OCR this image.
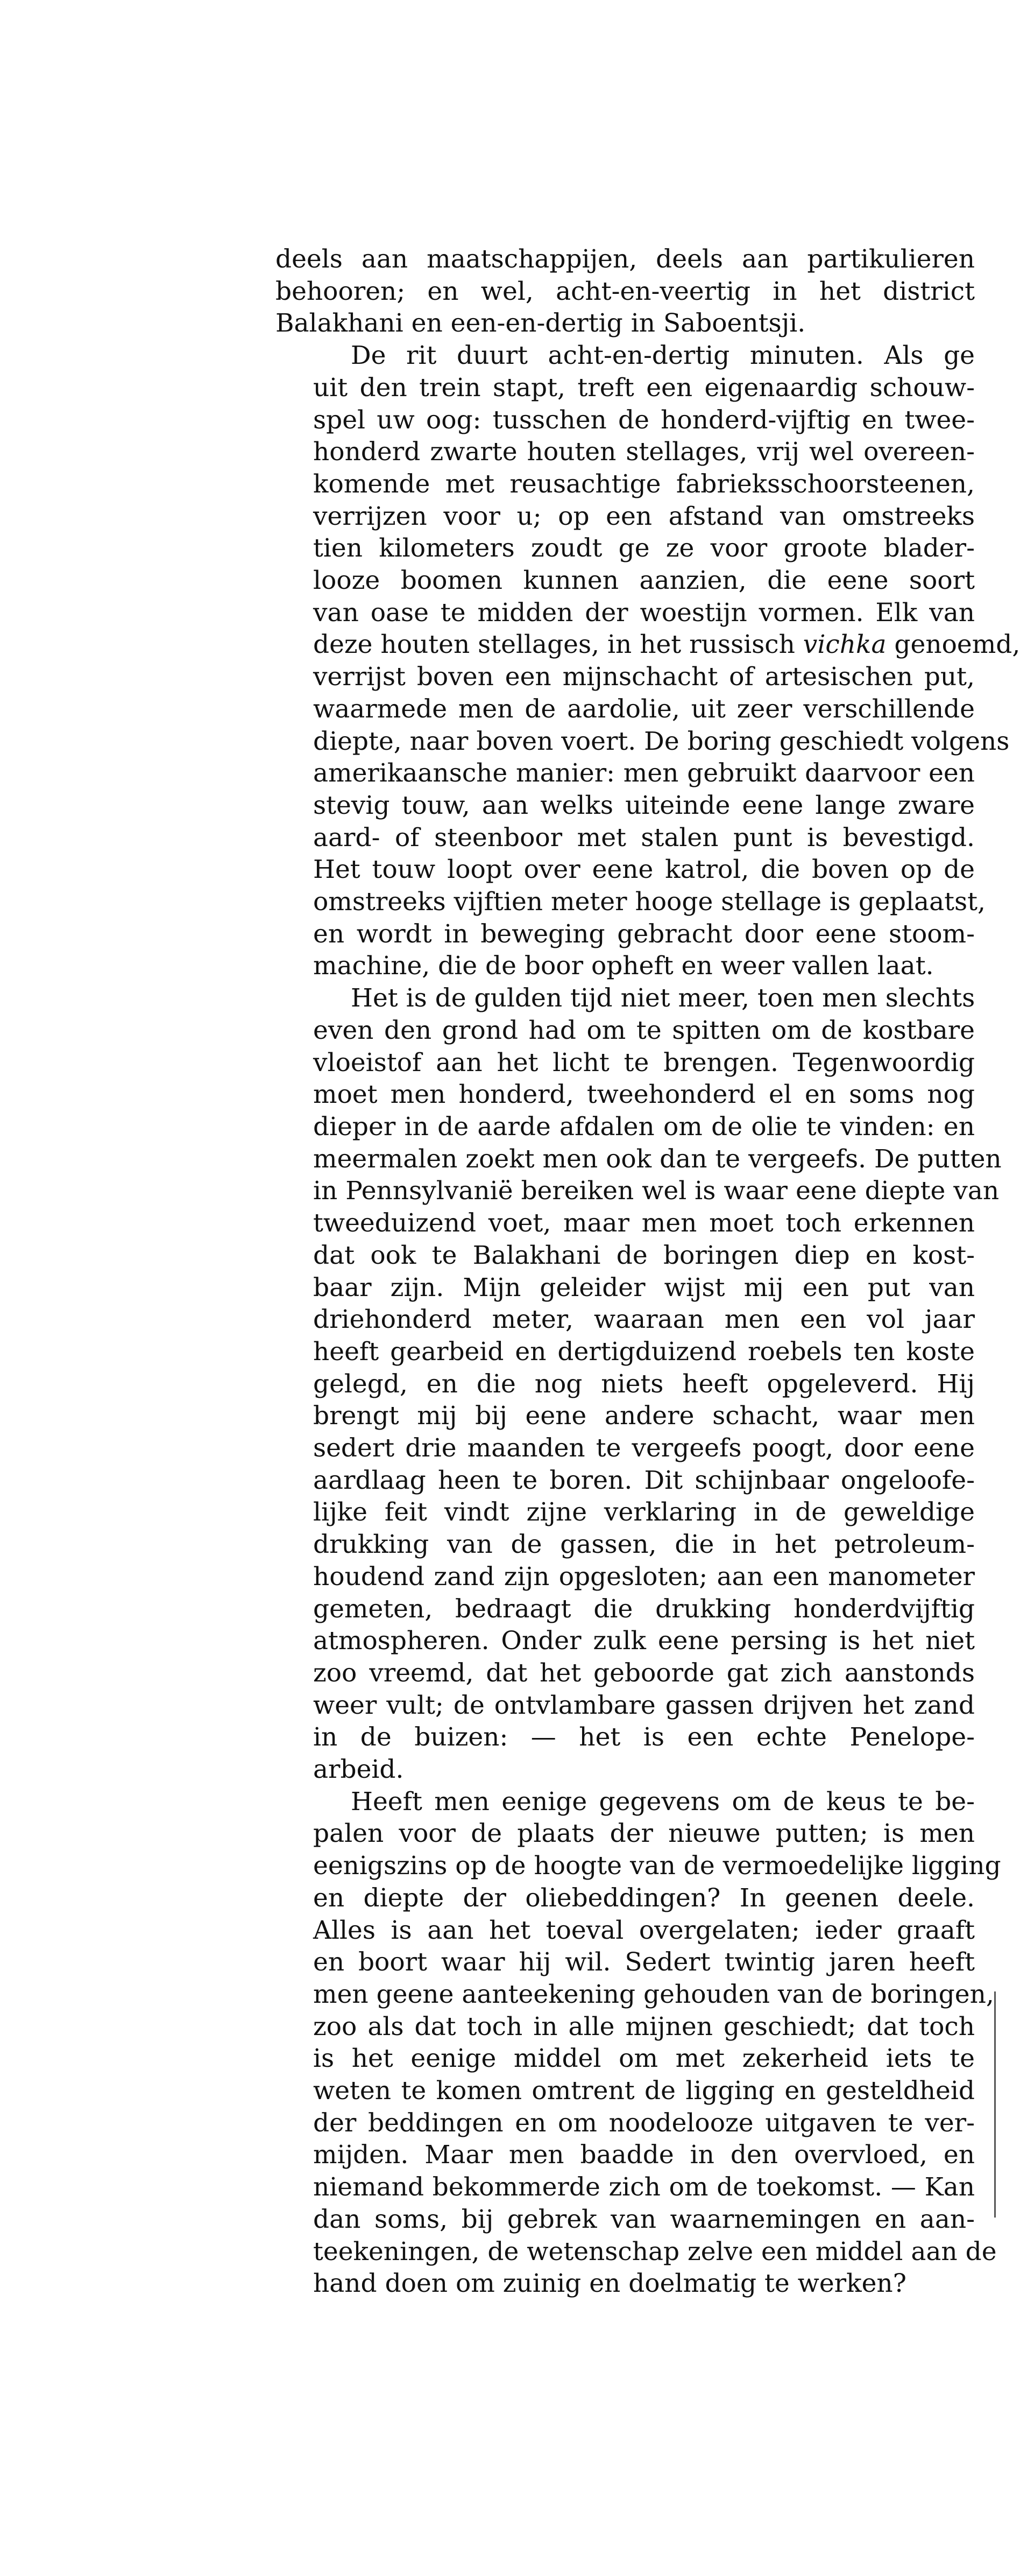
deels aan maatschappijen, deels aan partikulieren
behooren; en wel, acht-en-veertig in het district
Balakhani en een-en-dertig in Saboentsji.
De rit duurt acht-en-dertig minuten. Als ge
uit den trein stapt, treft een eigenaardig schouw-
spel uw oog: tusschen de honderd-vijftig en twee-
honderd zwarte houten stellages, vrij wel overeen-
komende met reusachtige fabrieksschoorsteenen,
verrijzen voor u; op een afstand van omstreeks
tien kilometers zoudt ge ze voor groote blader-
looze boomen kunnen aanzien, die eene soort
van oase te midden der woestijn vormen. Elk van
deze houten stellages, in het russisch vichka genoemd,
verrijst boven een mijnschacht of artesischen put,
waarmede men de aardolie, uit zeer verschillende
diepte, naar boven voert. De boring geschiedt volgens
amerikaansche manier: men gebruikt daarvoor een
stevig touw, aan welks uiteinde eene lange zware
aard- of steenboor met stalen punt is bevestigd.
Het touw loopt over eene katrol, die boven op de
omstreeks vijftien meter hooge stellage is geplaatst,
en wordt in beweging gebracht door eene stoom-
machine, die de boor opheft en weer vallen laat.
Het is de gulden tijd niet meer, toen men slechts
even den grond had om te spitten om de kostbare
vloeistof aan het licht te brengen. Tegenwoordig
moet men honderd, tweehonderd el en soms nog
dieper in de aarde afdalen om de olie te vinden: en
meermalen zoekt men ook dan te vergeefs. De putten
in Pennsylvanië bereiken wel is waar eene diepte van
tweeduizend voet, maar men moet toch erkennen
dat ook te Balakhani de boringen diep en kost-
baar zijn. Mijn geleider wijst mij een put van
driehonderd meter, waaraan men een vol jaar
heeft gearbeid en dertigduizend roebels ten koste
gelegd, en die nog niets heeft opgeleverd. Hij
brengt mij bij eene andere schacht, waar men
sedert drie maanden te vergeefs poogt, door eene
aardlaag heen te boren. Dit schijnbaar ongeloofe-
lijke feit vindt zijne verklaring in de geweldige
drukking van de gassen, die in het petroleum-
houdend zand zijn opgesloten; aan een manometer
gemeten, bedraagt die drukking honderdvijftig
atmospheren. Onder zulk eene persing is het niet
zoo vreemd, dat het geboorde gat zich aanstonds
weer vult; de ontvlambare gassen drijven het zand
in de buizen: — het is een echte Penelope-
arbeid.
Heeft men eenige gegevens om de keus te be-
palen voor de plaats der nieuwe putten; is men
eenigszins op de hoogte van de vermoedelijke ligging
en diepte der oliebeddingen? In geenen deele.
Alles is aan het toeval overgelaten; ieder graaft
en boort waar hij wil. Sedert twintig jaren heeft
men geene aanteekening gehouden van de boringen,
zoo als dat toch in alle mijnen geschiedt; dat toch
is het eenige middel om met zekerheid iets te
weten te komen omtrent de ligging en gesteldheid
der beddingen en om noodelooze uitgaven te ver-
mijden. Maar men baadde in den overvloed, en
niemand bekommerde zich om de toekomst. — Kan
dan soms, bij gebrek van waarnemingen en aan-
teekeningen, de wetenschap zelve een middel aan de
hand doen om zuinig en doelmatig te werken?
